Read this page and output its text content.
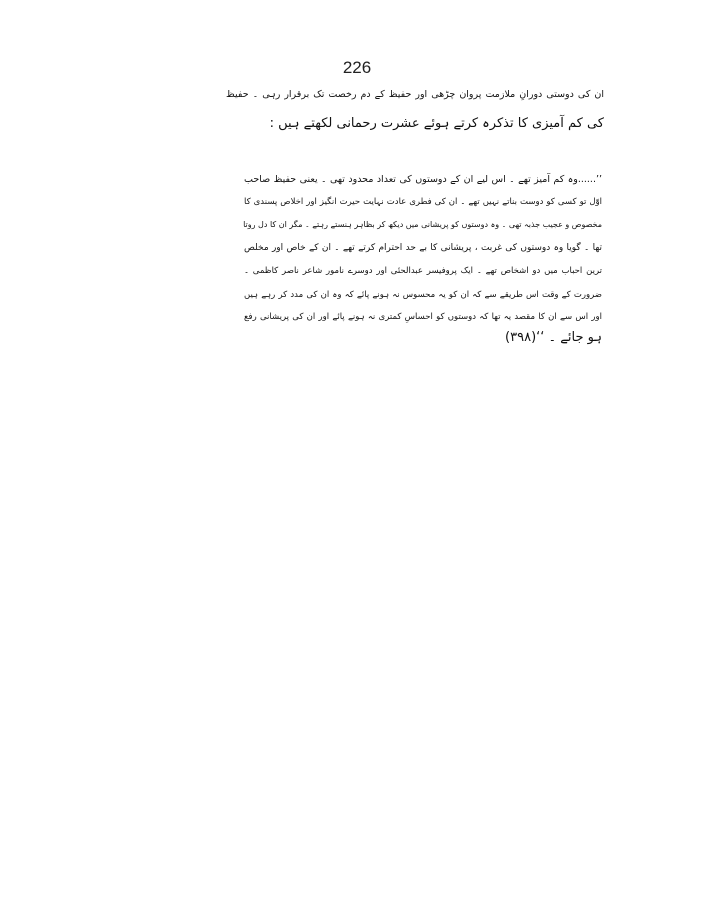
226
ان کی دوستی دورانِ ملازمت پروان چڑھی اور حفیظ کے دم رخصت تک برقرار رہی ۔ حفیظ
کی کم آمیزی کا تذکرہ کرتے ہوئے عشرت رحمانی لکھتے ہیں :
’’......وہ کم آمیز تھے ۔ اس لیے ان کے دوستوں کی تعداد محدود تھی ۔ یعنی حفیظ صاحب
اوّل تو کسی کو دوست بناتے نہیں تھے ۔ ان کی فطری عادت نہایت حیرت انگیز اور اخلاص پسندی کا
مخصوص و عجیب جذبہ تھی ۔ وہ دوستوں کو پریشانی میں دیکھ کر بظاہر ہنستے رہتے ۔ مگر ان کا دل روتا
تھا ۔ گویا وہ دوستوں کی غربت ، پریشانی کا بے حد احترام کرتے تھے ۔ ان کے خاص اور مخلص
ترین احباب میں دو اشخاص تھے ۔ ایک پروفیسر عبدالحئی اور دوسرے نامور شاعر ناصر کاظمی ۔
ضرورت کے وقت اس طریقے سے کہ ان کو یہ محسوس نہ ہونے پائے کہ وہ ان کی مدد کر رہے ہیں
اور اس سے ان کا مقصد یہ تھا کہ دوستوں کو احساسِ کمتری نہ ہونے پائے اور ان کی پریشانی رفع
ہو جائے ۔ ‘‘(۳۹۸)
